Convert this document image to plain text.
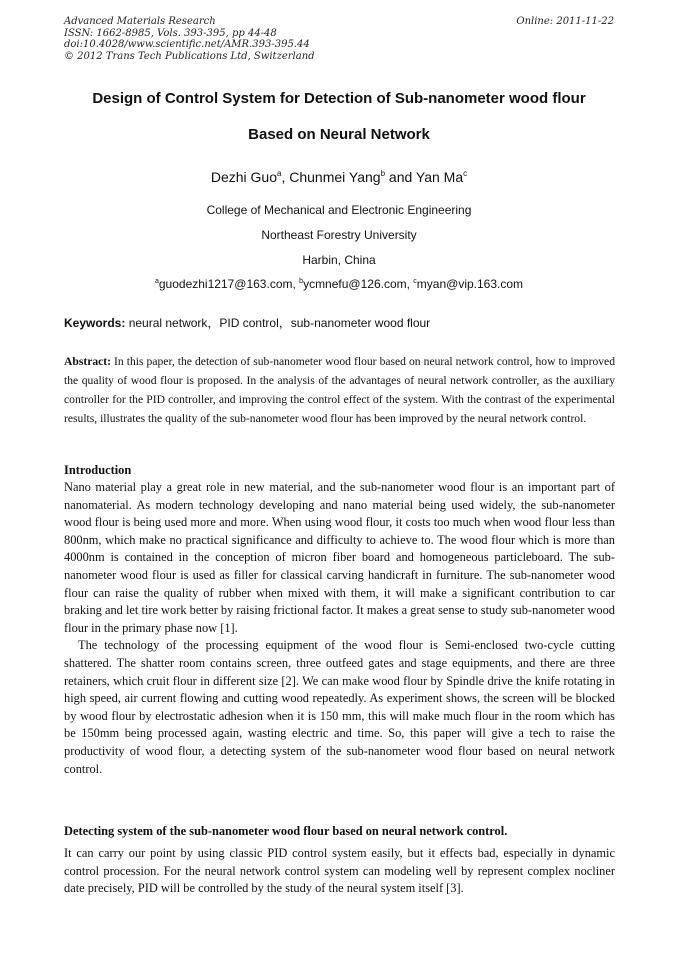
Advanced Materials Research
ISSN: 1662-8985, Vols. 393-395, pp 44-48
doi:10.4028/www.scientific.net/AMR.393-395.44
© 2012 Trans Tech Publications Ltd, Switzerland
Online: 2011-11-22
Design of Control System for Detection of Sub-nanometer wood flour
Based on Neural Network
Dezhi Guo$^a$, Chunmei Yang$^b$ and Yan Ma$^c$
College of Mechanical and Electronic Engineering
Northeast Forestry University
Harbin, China
$^a$guodezhi1217@163.com, $^b$ycmnefu@126.com, $^c$myan@vip.163.com
Keywords: neural network，PID control，sub-nanometer wood flour
Abstract: In this paper, the detection of sub-nanometer wood flour based on neural network control, how to improved the quality of wood flour is proposed. In the analysis of the advantages of neural network controller, as the auxiliary controller for the PID controller, and improving the control effect of the system. With the contrast of the experimental results, illustrates the quality of the sub-nanometer wood flour has been improved by the neural network control.
Introduction

Nano material play a great role in new material, and the sub-nanometer wood flour is an important part of nanomaterial. As modern technology developing and nano material being used widely, the sub-nanometer wood flour is being used more and more. When using wood flour, it costs too much when wood flour less than 800nm, which make no practical significance and difficulty to achieve to. The wood flour which is more than 4000nm is contained in the conception of micron fiber board and homogeneous particleboard. The sub-nanometer wood flour is used as filler for classical carving handicraft in furniture. The sub-nanometer wood flour can raise the quality of rubber when mixed with them, it will make a significant contribution to car braking and let tire work better by raising frictional factor. It makes a great sense to study sub-nanometer wood flour in the primary phase now [1].

The technology of the processing equipment of the wood flour is Semi-enclosed two-cycle cutting shattered. The shatter room contains screen, three outfeed gates and stage equipments, and there are three retainers, which cruit flour in different size [2]. We can make wood flour by Spindle drive the knife rotating in high speed, air current flowing and cutting wood repeatedly. As experiment shows, the screen will be blocked by wood flour by electrostatic adhesion when it is 150 mm, this will make much flour in the room which has be 150mm being processed again, wasting electric and time. So, this paper will give a tech to raise the productivity of wood flour, a detecting system of the sub-nanometer wood flour based on neural network control.

Detecting system of the sub-nanometer wood flour based on neural network control.

It can carry our point by using classic PID control system easily, but it effects bad, especially in dynamic control procession. For the neural network control system can modeling well by represent complex nocliner date precisely, PID will be controlled by the study of the neural system itself [3].
